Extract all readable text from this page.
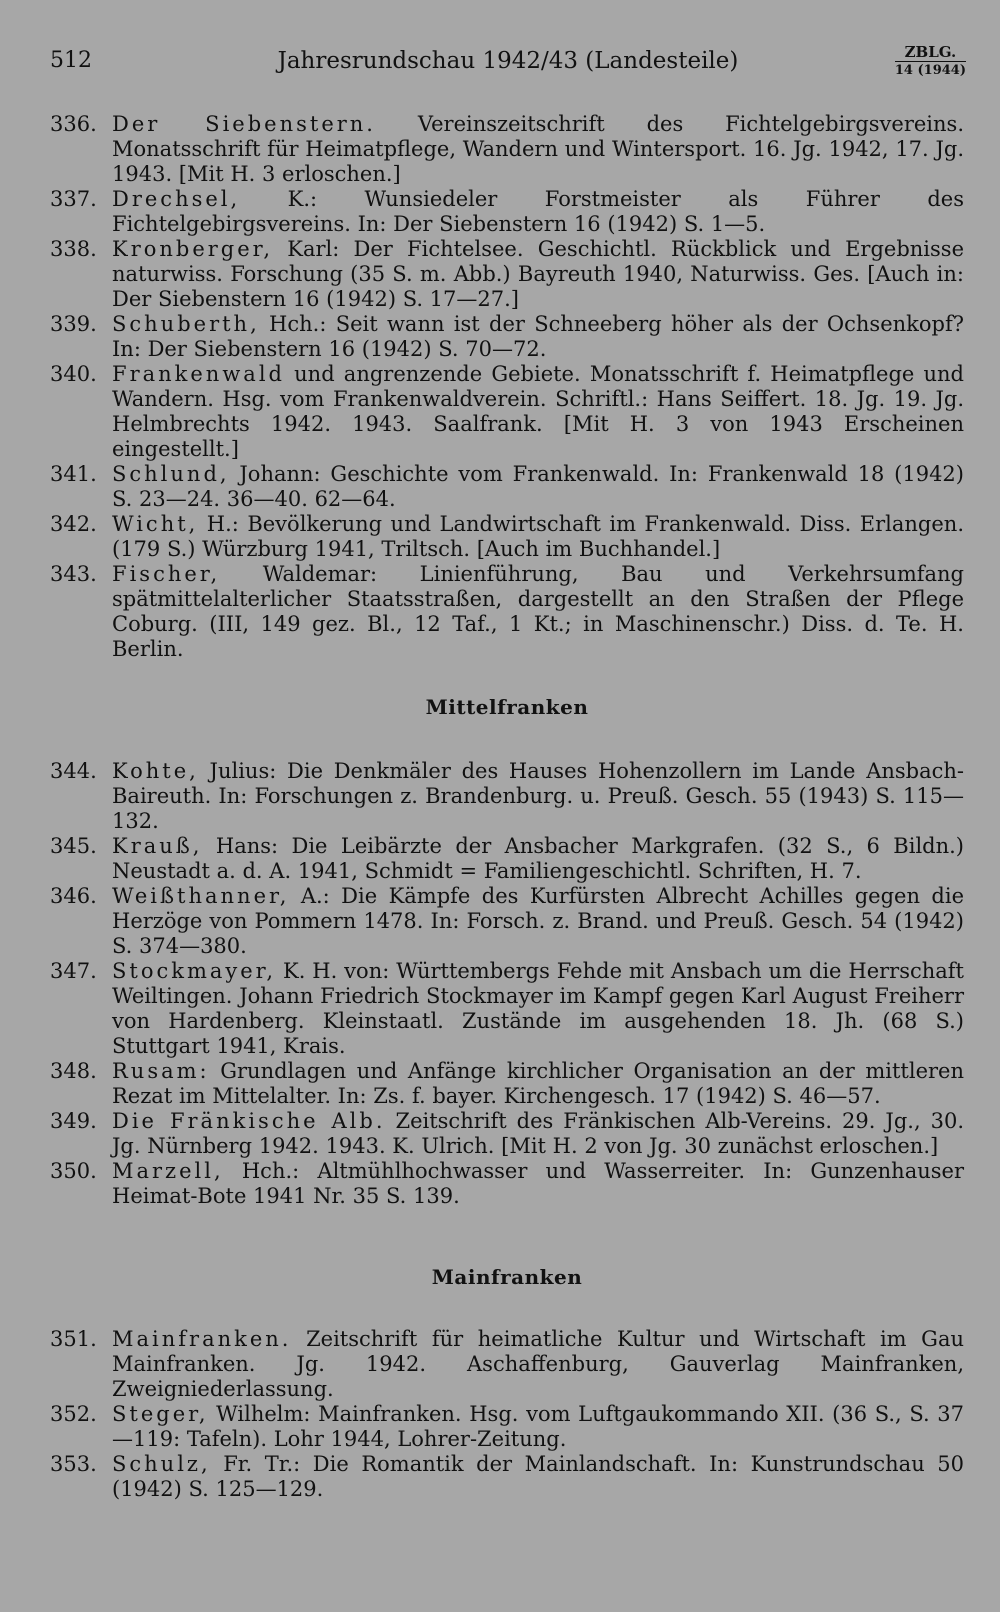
512	Jahresrundschau 1942/43 (Landesteile)	ZBLG.
14 (1944)
336. Der Siebenstern. Vereinszeitschrift des Fichtelgebirgsvereins. Monatsschrift für Heimatpflege, Wandern und Wintersport. 16. Jg. 1942, 17. Jg. 1943. [Mit H. 3 erloschen.]
337. Drechsel, K.: Wunsiedeler Forstmeister als Führer des Fichtelgebirgsvereins. In: Der Siebenstern 16 (1942) S. 1—5.
338. Kronberger, Karl: Der Fichtelsee. Geschichtl. Rückblick und Ergebnisse naturwiss. Forschung (35 S. m. Abb.) Bayreuth 1940, Naturwiss. Ges. [Auch in: Der Siebenstern 16 (1942) S. 17—27.]
339. Schuberth, Hch.: Seit wann ist der Schneeberg höher als der Ochsenkopf? In: Der Siebenstern 16 (1942) S. 70—72.
340. Frankenwald und angrenzende Gebiete. Monatsschrift f. Heimatpflege und Wandern. Hsg. vom Frankenwaldverein. Schriftl.: Hans Seiffert. 18. Jg. 19. Jg. Helmbrechts 1942. 1943. Saalfrank. [Mit H. 3 von 1943 Erscheinen eingestellt.]
341. Schlund, Johann: Geschichte vom Frankenwald. In: Frankenwald 18 (1942) S. 23—24. 36—40. 62—64.
342. Wicht, H.: Bevölkerung und Landwirtschaft im Frankenwald. Diss. Erlangen. (179 S.) Würzburg 1941, Triltsch. [Auch im Buchhandel.]
343. Fischer, Waldemar: Linienführung, Bau und Verkehrsumfang spätmittelalterlicher Staatsstraßen, dargestellt an den Straßen der Pflege Coburg. (III, 149 gez. Bl., 12 Taf., 1 Kt.; in Maschinenschr.) Diss. d. Te. H. Berlin.
Mittelfranken
344. Kohte, Julius: Die Denkmäler des Hauses Hohenzollern im Lande Ansbach-Baireuth. In: Forschungen z. Brandenburg. u. Preuß. Gesch. 55 (1943) S. 115—132.
345. Krauß, Hans: Die Leibärzte der Ansbacher Markgrafen. (32 S., 6 Bildn.) Neustadt a. d. A. 1941, Schmidt = Familiengeschichtl. Schriften, H. 7.
346. Weißthanner, A.: Die Kämpfe des Kurfürsten Albrecht Achilles gegen die Herzöge von Pommern 1478. In: Forsch. z. Brand. und Preuß. Gesch. 54 (1942) S. 374—380.
347. Stockmayer, K. H. von: Württembergs Fehde mit Ansbach um die Herrschaft Weiltingen. Johann Friedrich Stockmayer im Kampf gegen Karl August Freiherr von Hardenberg. Kleinstaatl. Zustände im ausgehenden 18. Jh. (68 S.) Stuttgart 1941, Krais.
348. Rusam: Grundlagen und Anfänge kirchlicher Organisation an der mittleren Rezat im Mittelalter. In: Zs. f. bayer. Kirchengesch. 17 (1942) S. 46—57.
349. Die Fränkische Alb. Zeitschrift des Fränkischen Alb-Vereins. 29. Jg., 30. Jg. Nürnberg 1942. 1943. K. Ulrich. [Mit H. 2 von Jg. 30 zunächst erloschen.]
350. Marzell, Hch.: Altmühlhochwasser und Wasserreiter. In: Gunzenhauser Heimat-Bote 1941 Nr. 35 S. 139.
Mainfranken
351. Mainfranken. Zeitschrift für heimatliche Kultur und Wirtschaft im Gau Mainfranken. Jg. 1942. Aschaffenburg, Gauverlag Mainfranken, Zweigniederlassung.
352. Steger, Wilhelm: Mainfranken. Hsg. vom Luftgaukommando XII. (36 S., S. 37—119: Tafeln). Lohr 1944, Lohrer-Zeitung.
353. Schulz, Fr. Tr.: Die Romantik der Mainlandschaft. In: Kunstrundschau 50 (1942) S. 125—129.
